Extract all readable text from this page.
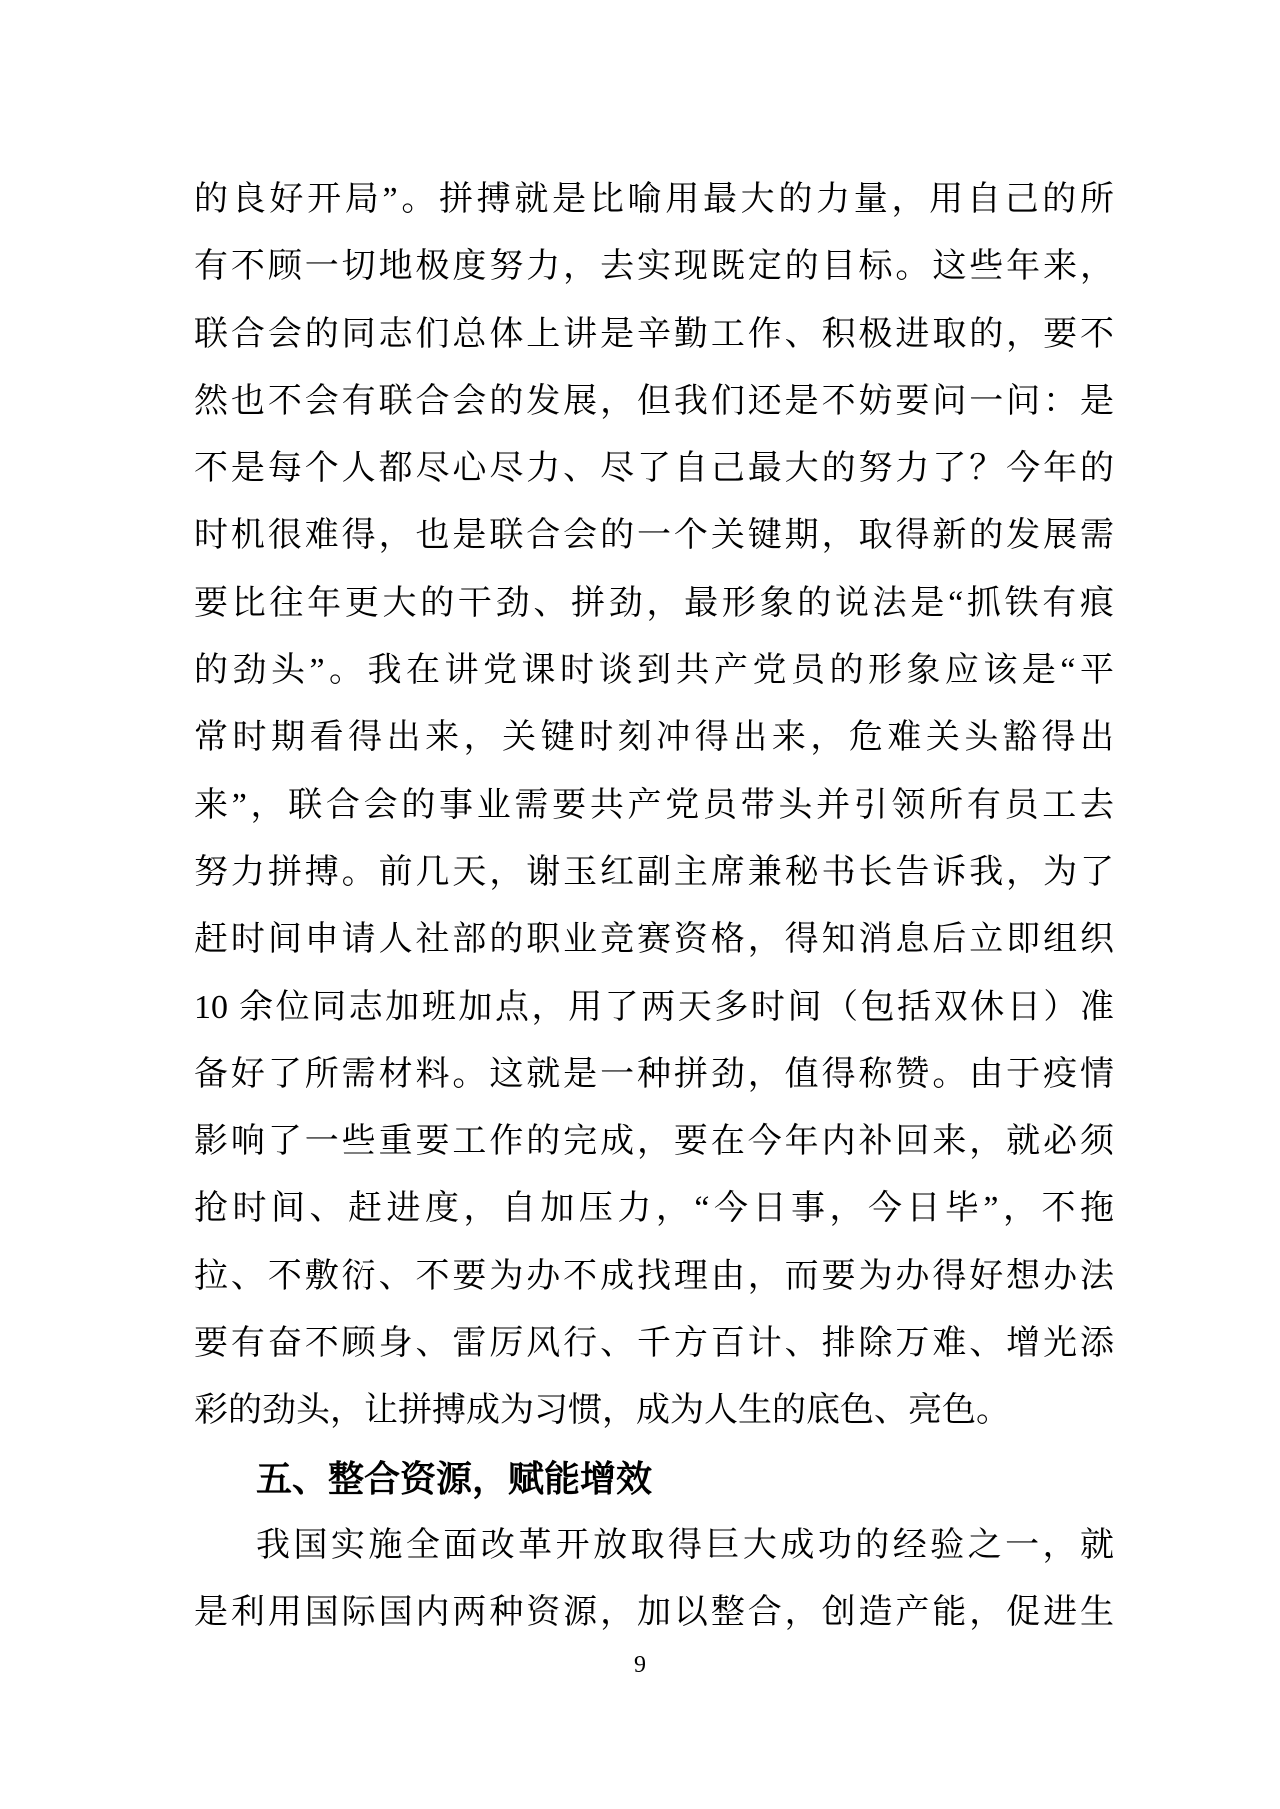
的良好开局”。拼搏就是比喻用最大的力量，用自己的所
有不顾一切地极度努力，去实现既定的目标。这些年来，
联合会的同志们总体上讲是辛勤工作、积极进取的，要不
然也不会有联合会的发展，但我们还是不妨要问一问：是
不是每个人都尽心尽力、尽了自己最大的努力了？今年的
时机很难得，也是联合会的一个关键期，取得新的发展需
要比往年更大的干劲、拼劲，最形象的说法是“抓铁有痕
的劲头”。我在讲党课时谈到共产党员的形象应该是“平
常时期看得出来，关键时刻冲得出来，危难关头豁得出
来”，联合会的事业需要共产党员带头并引领所有员工去
努力拼搏。前几天，谢玉红副主席兼秘书长告诉我，为了
赶时间申请人社部的职业竞赛资格，得知消息后立即组织
10 余位同志加班加点，用了两天多时间（包括双休日）准
备好了所需材料。这就是一种拼劲，值得称赞。由于疫情
影响了一些重要工作的完成，要在今年内补回来，就必须
抢时间、赶进度，自加压力，“今日事，今日毕”，不拖
拉、不敷衍、不要为办不成找理由，而要为办得好想办法
要有奋不顾身、雷厉风行、千方百计、排除万难、增光添
彩的劲头，让拼搏成为习惯，成为人生的底色、亮色。
五、整合资源，赋能增效
我国实施全面改革开放取得巨大成功的经验之一，就
是利用国际国内两种资源，加以整合，创造产能，促进生
9
